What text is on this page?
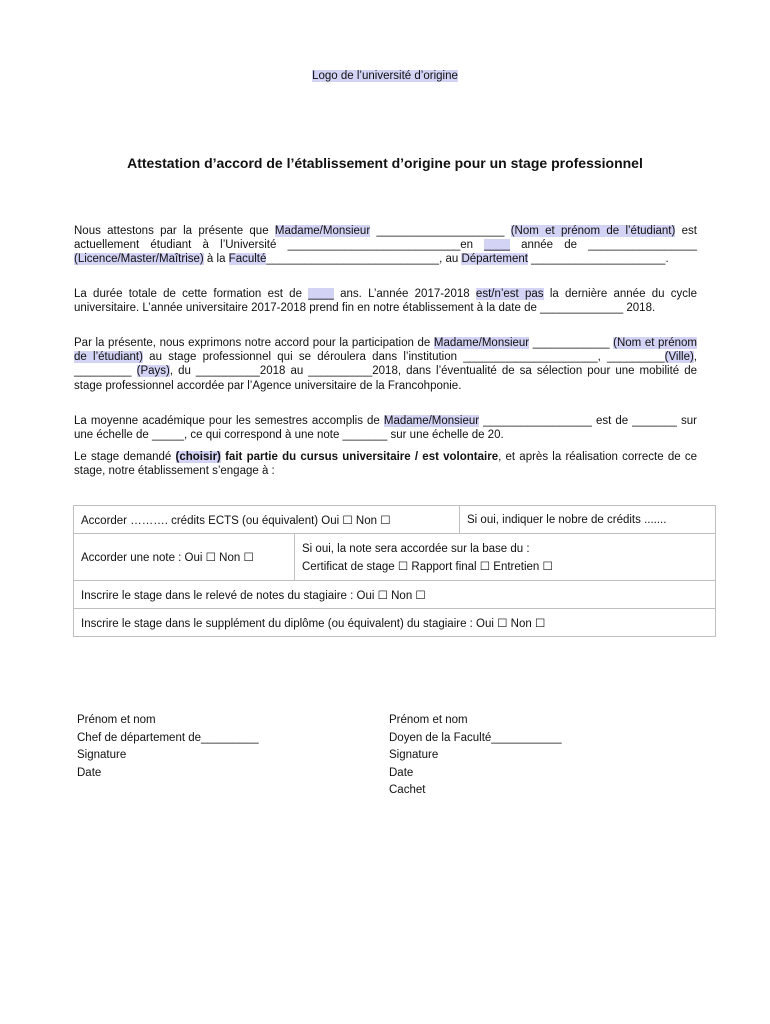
Logo de l’université d’origine
Attestation d’accord de l’établissement d’origine pour un stage professionnel

Nous attestons par la présente que Madame/Monsieur ____________________ (Nom et prénom de l’étudiant) est actuellement étudiant à l’Université ___________________________en ____ année de _________________ (Licence/Master/Maîtrise) à la Faculté___________________________, au Département _____________________.

La durée totale de cette formation est de ____ ans. L’année 2017-2018 est/n’est pas la dernière année du cycle universitaire. L’année universitaire 2017-2018 prend fin en notre établissement à la date de _____________ 2018.

Par la présente, nous exprimons notre accord pour la participation de Madame/Monsieur ____________ (Nom et prénom de l’étudiant) au stage professionnel qui se déroulera dans l’institution _____________________, _________(Ville), _________ (Pays), du __________2018 au __________2018, dans l’éventualité de sa sélection pour une mobilité de stage professionnel accordée par l’Agence universitaire de la Francohponie.

La moyenne académique pour les semestres accomplis de Madame/Monsieur _________________ est de _______ sur une échelle de _____, ce qui correspond à une note _______ sur une échelle de 20.

Le stage demandé (choisir) fait partie du cursus universitaire / est volontaire, et après la réalisation correcte de ce stage, notre établissement s’engage à :

Accorder ………. crédits ECTS (ou équivalent) Oui ☐ Non ☐	Si oui, indiquer le nobre de crédits .......

Accorder une note : Oui ☐ Non ☐
Si oui, la note sera accordée sur la base du :
Certificat de stage ☐ Rapport final ☐ Entretien ☐

Inscrire le stage dans le relevé de notes du stagiaire : Oui ☐ Non ☐
Inscrire le stage dans le supplément du diplôme (ou équivalent) du stagiaire : Oui ☐ Non ☐
Prénom et nom
Chef de département de_________
Signature
Date
Prénom et nom
Doyen de la Faculté___________
Signature
Date
Cachet
